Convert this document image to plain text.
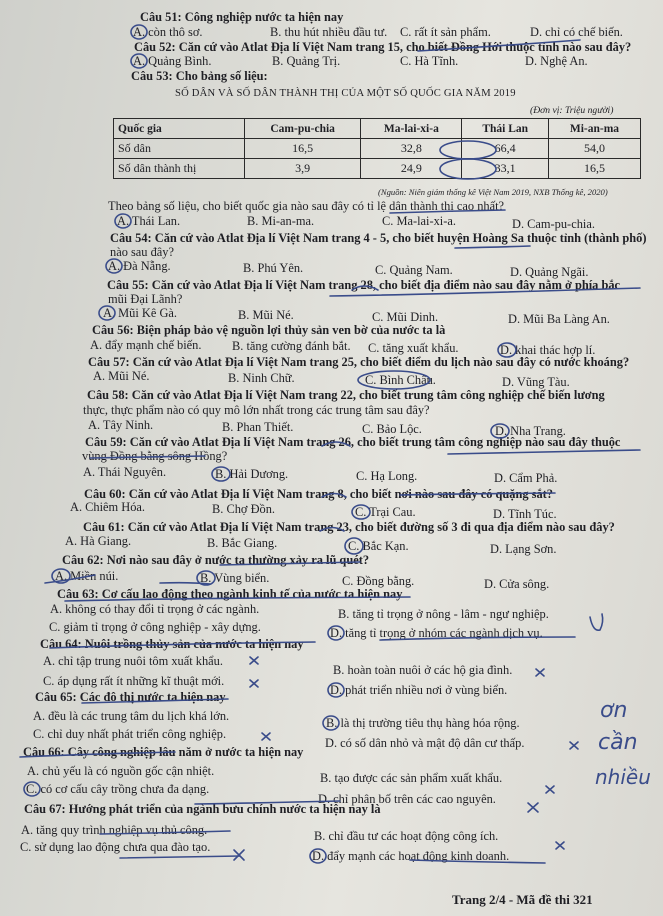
Câu 51: Công nghiệp nước ta hiện nay
A. còn thô sơ.	B. thu hút nhiều đầu tư. C. rất ít sản phẩm.	D. chỉ có chế biến.
Câu 52: Căn cứ vào Atlat Địa lí Việt Nam trang 15, cho biết Đồng Hới thuộc tỉnh nào sau đây?
A. Quảng Bình.	B. Quảng Trị.	C. Hà Tĩnh.	D. Nghệ An.
Câu 53: Cho bảng số liệu:
SỐ DÂN VÀ SỐ DÂN THÀNH THỊ CỦA MỘT SỐ QUỐC GIA NĂM 2019
(Đơn vị: Triệu người)
Quốc gia	Cam-pu-chia	Ma-lai-xi-a	Thái Lan	Mi-an-ma
Số dân	16,5	32,8	66,4	54,0
Số dân thành thị	3,9	24,9	33,1	16,5
(Nguồn: Niên giám thống kê Việt Nam 2019, NXB Thống kê, 2020)
Theo bảng số liệu, cho biết quốc gia nào sau đây có tỉ lệ dân thành thị cao nhất?
A. Thái Lan.	B. Mi-an-ma.	C. Ma-lai-xi-a.	D. Cam-pu-chia.
Câu 54: Căn cứ vào Atlat Địa lí Việt Nam trang 4 - 5, cho biết huyện Hoàng Sa thuộc tỉnh (thành phố)
nào sau đây?
A. Đà Nẵng.	B. Phú Yên.	C. Quảng Nam.	D. Quảng Ngãi.
Câu 55: Căn cứ vào Atlat Địa lí Việt Nam trang 28, cho biết địa điểm nào sau đây nằm ở phía bắc
mũi Đại Lãnh?
A. Mũi Kê Gà.	B. Mũi Né.	C. Mũi Dinh.	D. Mũi Ba Làng An.
Câu 56: Biện pháp bảo vệ nguồn lợi thủy sản ven bờ của nước ta là
A. đẩy mạnh chế biến. B. tăng cường đánh bắt. C. tăng xuất khẩu.	D. khai thác hợp lí.
Câu 57: Căn cứ vào Atlat Địa lí Việt Nam trang 25, cho biết điểm du lịch nào sau đây có nước khoáng?
A. Mũi Né.	B. Ninh Chữ.	C. Bình Châu.	D. Vũng Tàu.
Câu 58: Căn cứ vào Atlat Địa lí Việt Nam trang 22, cho biết trung tâm công nghiệp chế biến lương
thực, thực phẩm nào có quy mô lớn nhất trong các trung tâm sau đây?
A. Tây Ninh.	B. Phan Thiết.	C. Bảo Lộc.	D. Nha Trang.
Câu 59: Căn cứ vào Atlat Địa lí Việt Nam trang 26, cho biết trung tâm công nghiệp nào sau đây thuộc
vùng Đồng bằng sông Hồng?
A. Thái Nguyên.	B. Hải Dương.	C. Hạ Long.	D. Cẩm Phả.
Câu 60: Căn cứ vào Atlat Địa lí Việt Nam trang 8, cho biết nơi nào sau đây có quặng sắt?
A. Chiêm Hóa.	B. Chợ Đồn.	C. Trại Cau.	D. Tĩnh Túc.
Câu 61: Căn cứ vào Atlat Địa lí Việt Nam trang 23, cho biết đường số 3 đi qua địa điểm nào sau đây?
A. Hà Giang.	B. Bắc Giang.	C. Bắc Kạn.	D. Lạng Sơn.
Câu 62: Nơi nào sau đây ở nước ta thường xảy ra lũ quét?
A. Miền núi.	B. Vùng biển.	C. Đồng bằng.	D. Cửa sông.
Câu 63: Cơ cấu lao động theo ngành kinh tế của nước ta hiện nay
A. không có thay đổi tỉ trọng ở các ngành.	B. tăng tỉ trọng ở nông - lâm - ngư nghiệp.
C. giảm tỉ trọng ở công nghiệp - xây dựng.	D. tăng tỉ trọng ở nhóm các ngành dịch vụ.
Câu 64: Nuôi trồng thủy sản của nước ta hiện nay
A. chỉ tập trung nuôi tôm xuất khẩu.
B. hoàn toàn nuôi ở các hộ gia đình.
C. áp dụng rất ít những kĩ thuật mới.
D. phát triển nhiều nơi ở vùng biển.
Câu 65: Các đô thị nước ta hiện nay
A. đều là các trung tâm du lịch khá lớn.	B. là thị trường tiêu thụ hàng hóa rộng.
C. chỉ duy nhất phát triển công nghiệp.
D. có số dân nhỏ và mật độ dân cư thấp.
Câu 66: Cây công nghiệp lâu năm ở nước ta hiện nay
A. chủ yếu là có nguồn gốc cận nhiệt.	B. tạo được các sản phẩm xuất khẩu.
C. có cơ cấu cây trồng chưa đa dạng.
D. chỉ phân bố trên các cao nguyên.
Câu 67: Hướng phát triển của ngành bưu chính nước ta hiện nay là
A. tăng quy trình nghiệp vụ thủ công.	B. chỉ đầu tư các hoạt động công ích.
C. sử dụng lao động chưa qua đào tạo.
D. đẩy mạnh các hoạt động kinh doanh.
Trang 2/4 - Mã đề thi 321
ơn
cần
nhiều
